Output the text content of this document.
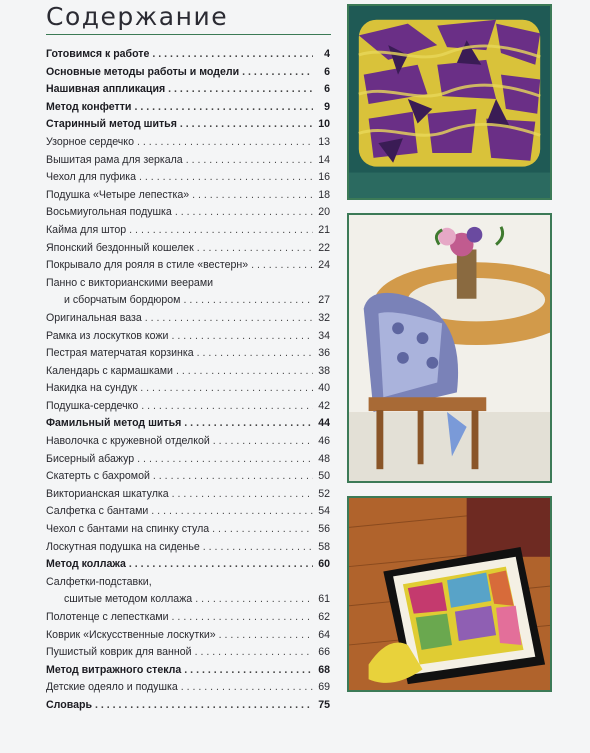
Содержание
Готовимся к работе . . .	4
Основные методы работы и модели . . .	6
Нашивная аппликация . . .	6
Метод конфетти . . .	9
Старинный метод шитья . . .	10
Узорное сердечко . . .	13
Вышитая рама для зеркала . . .	14
Чехол для пуфика . . .	16
Подушка «Четыре лепестка» . . .	18
Восьмиугольная подушка . . .	20
Кайма для штор . . .	21
Японский бездонный кошелек . . .	22
Покрывало для рояля в стиле «вестерн» . . .	24
Панно с викторианскими веерами
и сборчатым бордюром . . .	27
Оригинальная ваза . . .	32
Рамка из лоскутков кожи . . .	34
Пестрая матерчатая корзинка . . .	36
Календарь с кармашками . . .	38
Накидка на сундук . . .	40
Подушка-сердечко . . .	42
Фамильный метод шитья . . .	44
Наволочка с кружевной отделкой . . .	46
Бисерный абажур . . .	48
Скатерть с бахромой . . .	50
Викторианская шкатулка . . .	52
Салфетка с бантами . . .	54
Чехол с бантами на спинку стула . . .	56
Лоскутная подушка на сиденье . . .	58
Метод коллажа . . .	60
Салфетки-подставки,
сшитые методом коллажа . . .	61
Полотенце с лепестками . . .	62
Коврик «Искусственные лоскутки» . . .	64
Пушистый коврик для ванной . . .	66
Метод витражного стекла . . .	68
Детские одеяло и подушка . . .	69
Словарь . . .	75
